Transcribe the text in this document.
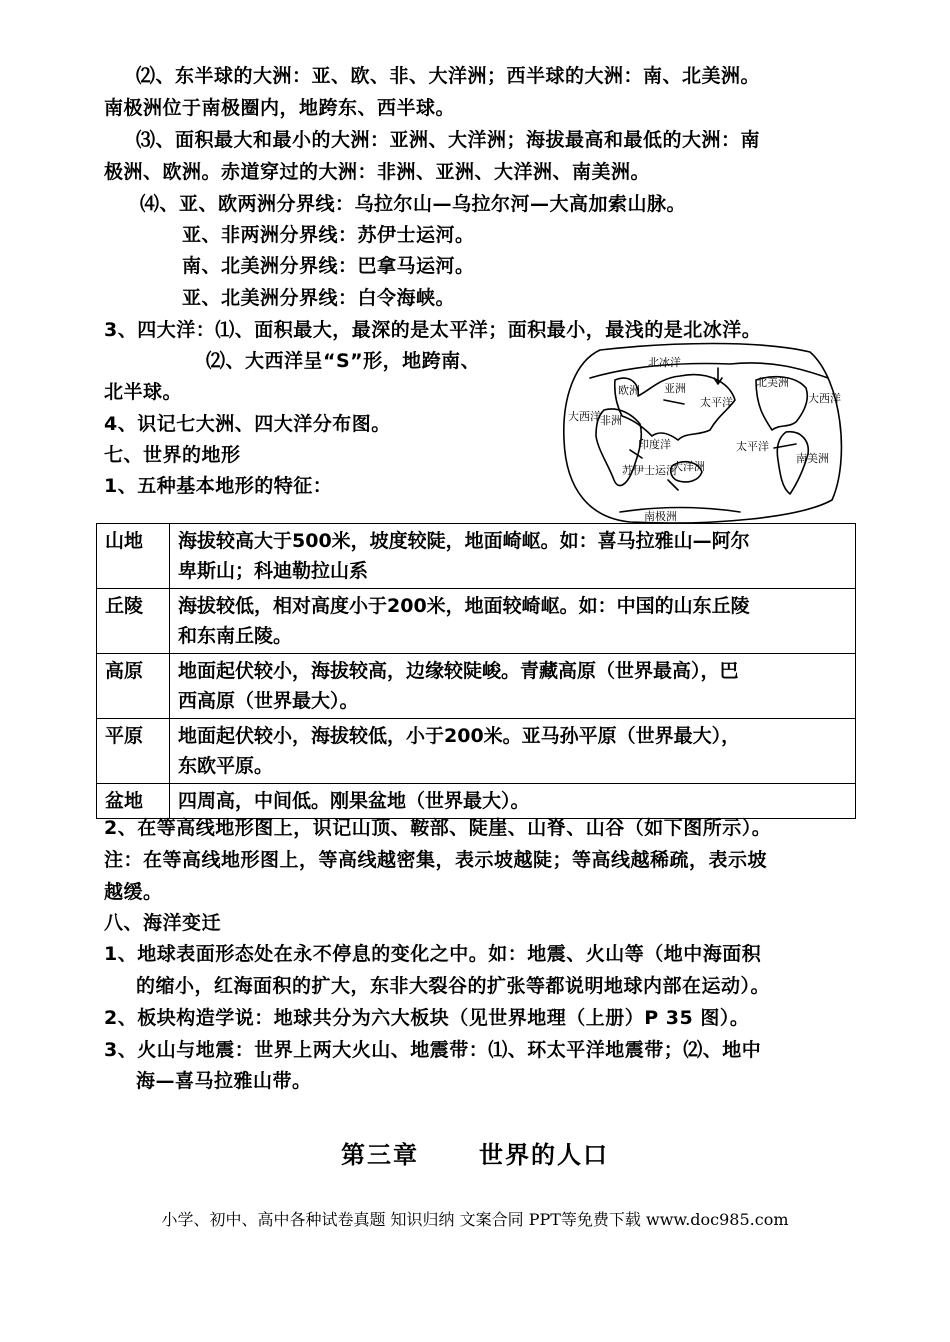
⑵、东半球的大洲：亚、欧、非、大洋洲；西半球的大洲：南、北美洲。
南极洲位于南极圈内，地跨东、西半球。
⑶、面积最大和最小的大洲：亚洲、大洋洲；海拔最高和最低的大洲：南
极洲、欧洲。赤道穿过的大洲：非洲、亚洲、大洋洲、南美洲。
⑷、亚、欧两洲分界线：乌拉尔山—乌拉尔河—大高加索山脉。
亚、非两洲分界线：苏伊士运河。
南、北美洲分界线：巴拿马运河。
亚、北美洲分界线：白令海峡。
3、四大洋：⑴、面积最大，最深的是太平洋；面积最小，最浅的是北冰洋。
⑵、大西洋呈“S”形，地跨南、
北半球。
4、识记七大洲、四大洋分布图。
七、世界的地形
1、五种基本地形的特征：
北冰洋
欧洲 亚洲	北美洲
太平洋
非洲
大西洋
大西洋
印度洋
苏伊士运河
大洋洲
太平洋
南美洲
南极洲
山地	海拔较高大于500米，坡度较陡，地面崎岖。如：喜马拉雅山—阿尔
卑斯山；科迪勒拉山系

丘陵	海拔较低，相对高度小于200米，地面较崎岖。如：中国的山东丘陵
和东南丘陵。

高原	地面起伏较小，海拔较高，边缘较陡峻。青藏高原（世界最高），巴
西高原（世界最大）。

平原	地面起伏较小，海拔较低，小于200米。亚马孙平原（世界最大），
东欧平原。

盆地	四周高，中间低。刚果盆地（世界最大）。
2、在等高线地形图上，识记山顶、鞍部、陡崖、山脊、山谷（如下图所示）。
注：在等高线地形图上，等高线越密集，表示坡越陡；等高线越稀疏，表示坡
越缓。
八、海洋变迁
1、地球表面形态处在永不停息的变化之中。如：地震、火山等（地中海面积
的缩小，红海面积的扩大，东非大裂谷的扩张等都说明地球内部在运动）。
2、板块构造学说：地球共分为六大板块（见世界地理（上册）P 35 图）。
3、火山与地震：世界上两大火山、地震带：⑴、环太平洋地震带；⑵、地中
海—喜马拉雅山带。
第三章	世界的人口
小学、初中、高中各种试卷真题 知识归纳 文案合同 PPT等免费下载 www.doc985.com
